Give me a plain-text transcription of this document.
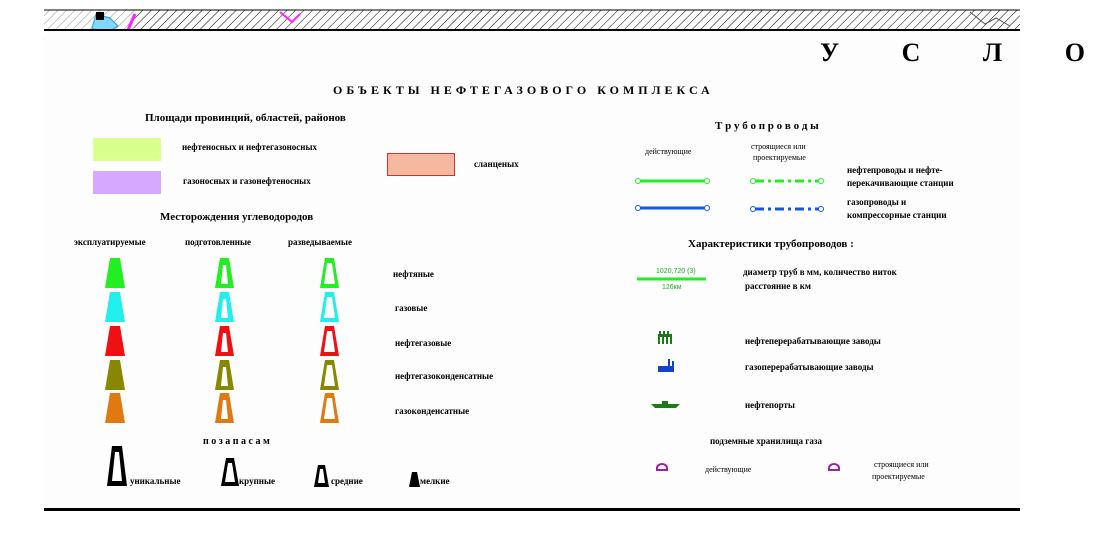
У С Л О
ОБЪЕКТЫ НЕФТЕГАЗОВОГО КОМПЛЕКСА
Площади провинций, областей, районов
нефтеносных и нефтегазоносных
газоносных и газонефтеносных
сланценых
Месторождения углеводородов
эксплуатируемые	подготовленные	разведываемые
нефтяные
газовые
нефтегазовые
нефтегазоконденсатные
газоконденсатные
п о з а п а с а м
уникальные	крупные	средние	мелкие
Т р у б о п р о в о д ы
действующие
строящиеся или
проектируемые
нефтепроводы и нефте-
перекачивающие станции
газопроводы и
компрессорные станции
Характеристики трубопроводов :
1020,720 (3)
126км
диаметр труб в мм, количество ниток
расстояние в км
нефтеперерабатывающие заводы
газоперерабатывающие заводы
нефтепорты
подземные хранилища газа
действующие
строящиеся или
проектируемые
